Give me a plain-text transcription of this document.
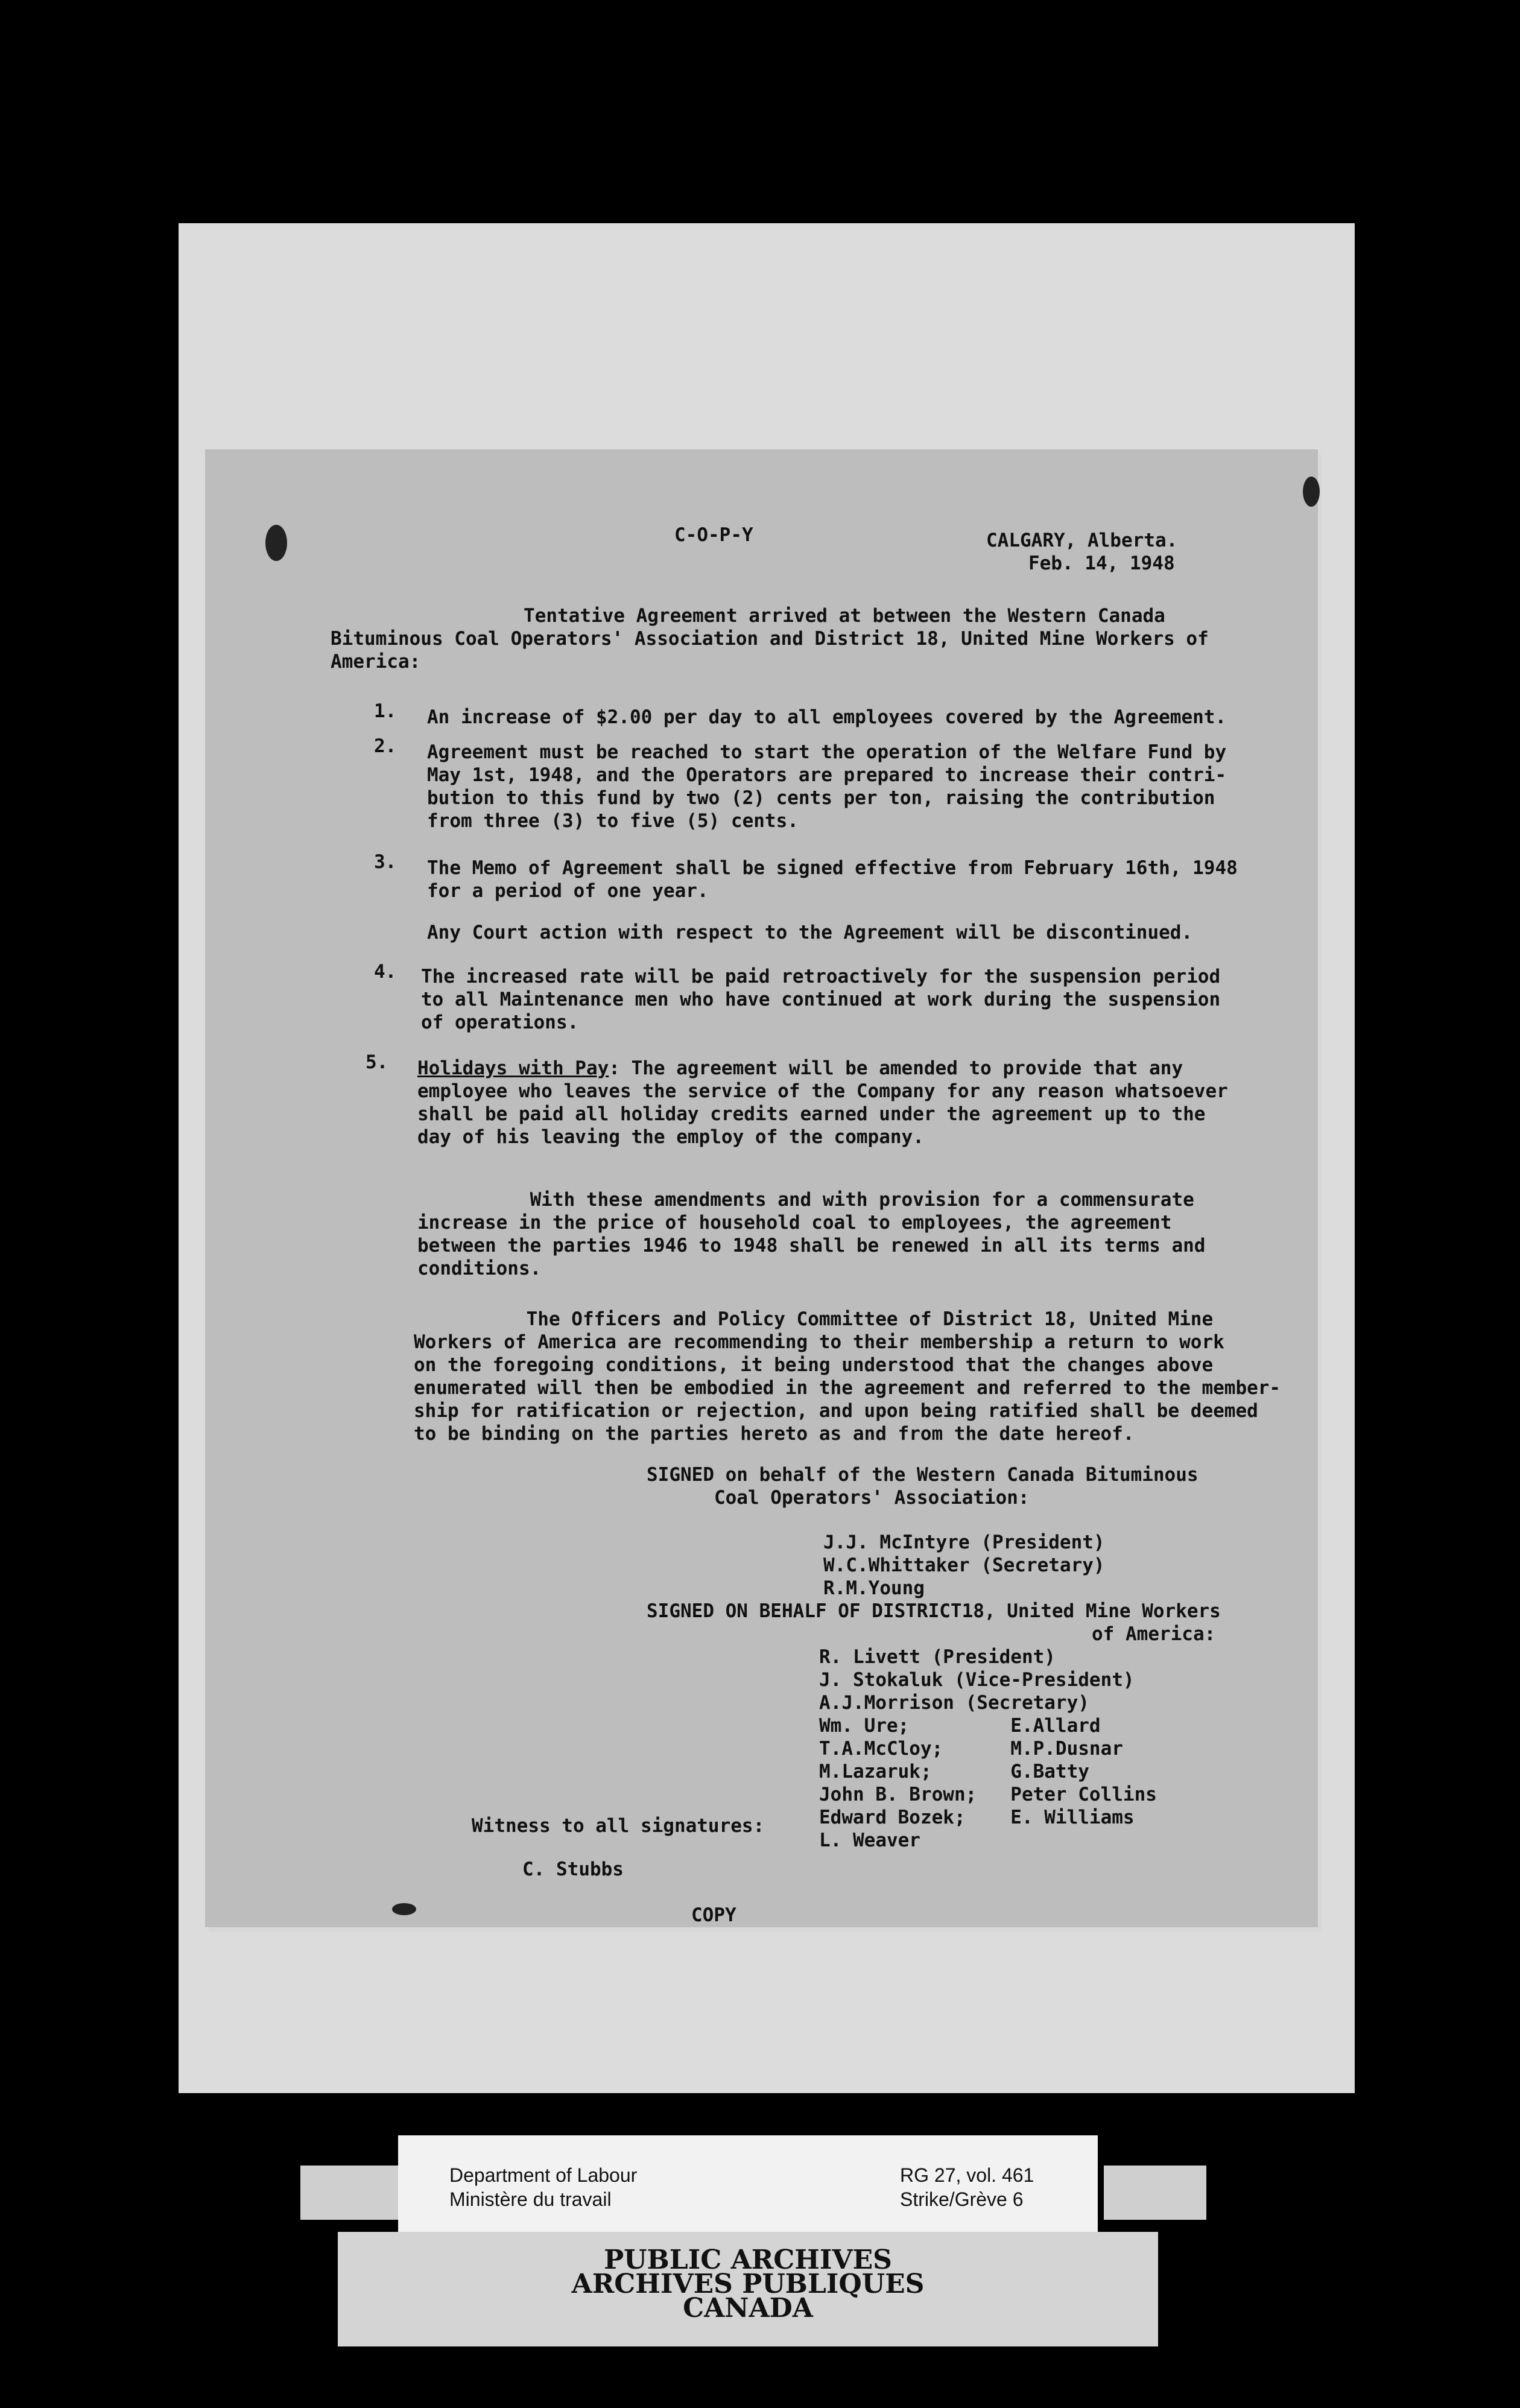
C-O-P-Y	CALGARY, Alberta.
Feb. 14, 1948
Tentative Agreement arrived at between the Western Canada
Bituminous Coal Operators' Association and District 18, United Mine Workers of
America:
1. An increase of $2.00 per day to all employees covered by the Agreement.
2. Agreement must be reached to start the operation of the Welfare Fund by
May 1st, 1948, and the Operators are prepared to increase their contri-
bution to this fund by two (2) cents per ton, raising the contribution
from three (3) to five (5) cents.
3. The Memo of Agreement shall be signed effective from February 16th, 1948
for a period of one year.
Any Court action with respect to the Agreement will be discontinued.
4. The increased rate will be paid retroactively for the suspension period
to all Maintenance men who have continued at work during the suspension
of operations.
5. Holidays with Pay: The agreement will be amended to provide that any
employee who leaves the service of the Company for any reason whatsoever
shall be paid all holiday credits earned under the agreement up to the
day of his leaving the employ of the company.
With these amendments and with provision for a commensurate
increase in the price of household coal to employees, the agreement
between the parties 1946 to 1948 shall be renewed in all its terms and
conditions.
The Officers and Policy Committee of District 18, United Mine
Workers of America are recommending to their membership a return to work
on the foregoing conditions, it being understood that the changes above
enumerated will then be embodied in the agreement and referred to the member-
ship for ratification or rejection, and upon being ratified shall be deemed
to be binding on the parties hereto as and from the date hereof.
SIGNED on behalf of the Western Canada Bituminous
Coal Operators' Association:
J.J. McIntyre (President)
W.C.Whittaker (Secretary)
R.M.Young
SIGNED ON BEHALF OF DISTRICT18, United Mine Workers
of America:
R. Livett (President)
J. Stokaluk (Vice-President)
A.J.Morrison (Secretary)
Wm. Ure;         E.Allard
T.A.McCloy;      M.P.Dusnar
M.Lazaruk;       G.Batty
John B. Brown;   Peter Collins
Edward Bozek;    E. Williams
L. Weaver
Witness to all signatures:
C. Stubbs
COPY
Department of Labour
Ministère du travail
RG 27, vol. 461
Strike/Grève 6
PUBLIC ARCHIVES
ARCHIVES PUBLIQUES
CANADA
